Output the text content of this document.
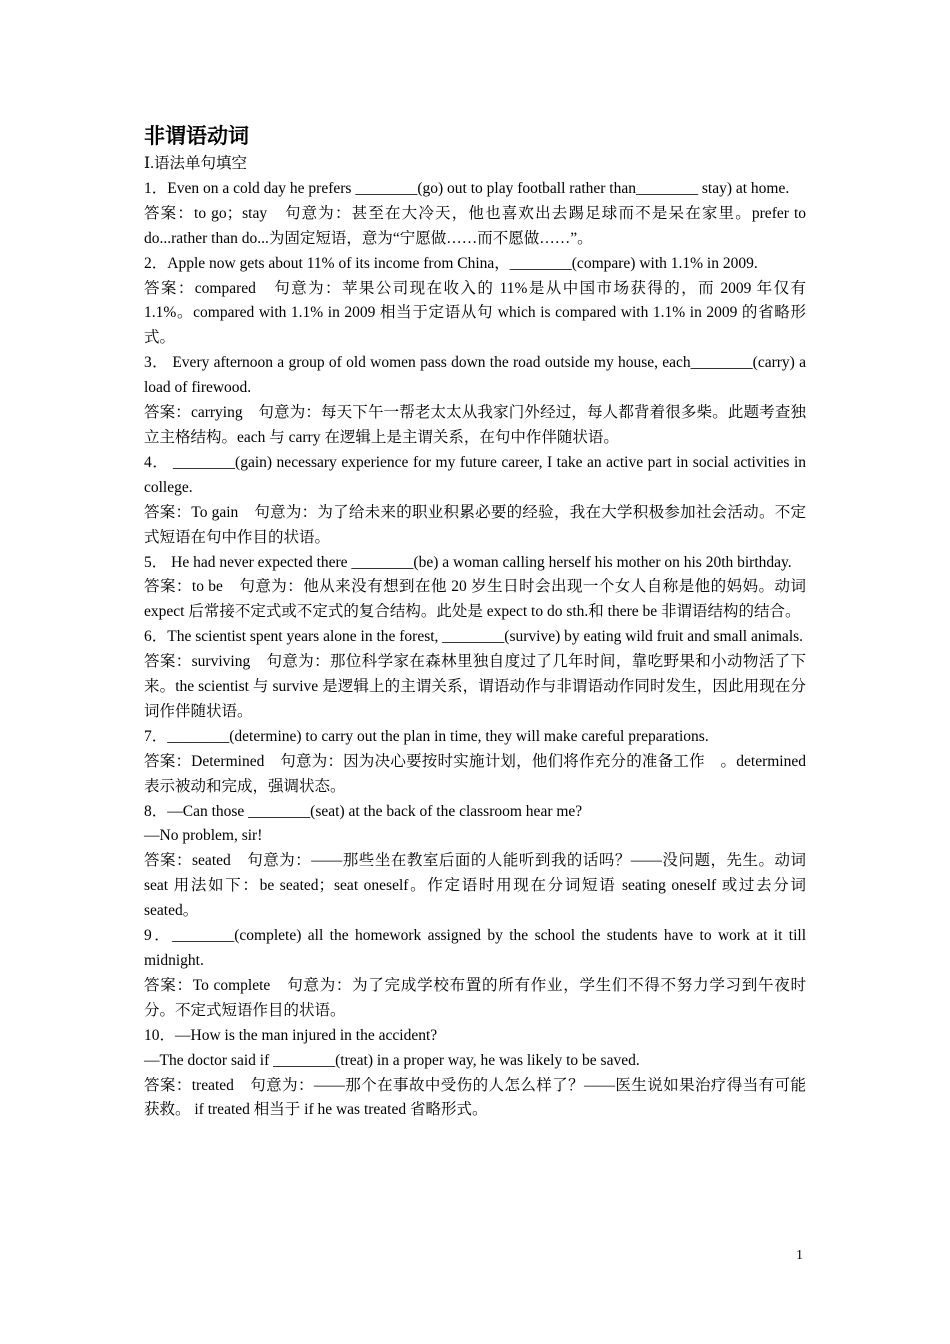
非谓语动词
Ⅰ.语法单句填空
1．Even on a cold day he prefers ________(go) out to play football rather than________ stay) at home.
答案：to go；stay　句意为：甚至在大冷天，他也喜欢出去踢足球而不是呆在家里。prefer to do...rather than do...为固定短语，意为“宁愿做……而不愿做……”。
2．Apple now gets about 11% of its income from China，________(compare) with 1.1% in 2009.
答案：compared　句意为：苹果公司现在收入的 11%是从中国市场获得的，而 2009 年仅有 1.1%。compared with 1.1% in 2009 相当于定语从句 which is compared with 1.1% in 2009 的省略形式。
3． Every afternoon a group of old women pass down the road outside my house, each________(carry) a load of firewood.
答案：carrying　句意为：每天下午一帮老太太从我家门外经过，每人都背着很多柴。此题考查独立主格结构。each 与 carry 在逻辑上是主谓关系，在句中作伴随状语。
4． ________(gain) necessary experience for my future career, I take an active part in social activities in college.
答案：To gain　句意为：为了给未来的职业积累必要的经验，我在大学积极参加社会活动。不定式短语在句中作目的状语。
5． He had never expected there ________(be) a woman calling herself his mother on his 20th birthday.
答案：to be　句意为：他从来没有想到在他 20 岁生日时会出现一个女人自称是他的妈妈。动词 expect 后常接不定式或不定式的复合结构。此处是 expect to do sth.和 there be 非谓语结构的结合。
6．The scientist spent years alone in the forest, ________(survive) by eating wild fruit and small animals.
答案：surviving　句意为：那位科学家在森林里独自度过了几年时间，靠吃野果和小动物活了下来。the scientist 与 survive 是逻辑上的主谓关系，谓语动作与非谓语动作同时发生，因此用现在分词作伴随状语。
7．________(determine) to carry out the plan in time, they will make careful preparations.
答案：Determined　句意为：因为决心要按时实施计划，他们将作充分的准备工作　。determined 表示被动和完成，强调状态。
8．—Can those ________(seat) at the back of the classroom hear me?
—No problem, sir!
答案：seated　句意为：——那些坐在教室后面的人能听到我的话吗？——没问题，先生。动词 seat 用法如下：be seated；seat oneself。作定语时用现在分词短语 seating oneself 或过去分词 seated。
9．________(complete) all the homework assigned by the school the students have to work at it till midnight.
答案：To complete　句意为：为了完成学校布置的所有作业，学生们不得不努力学习到午夜时分。不定式短语作目的状语。
10．—How is the man injured in the accident?
—The doctor said if ________(treat) in a proper way, he was likely to be saved.
答案：treated　句意为：——那个在事故中受伤的人怎么样了？——医生说如果治疗得当有可能获救。 if treated 相当于 if he was treated 省略形式。
1
